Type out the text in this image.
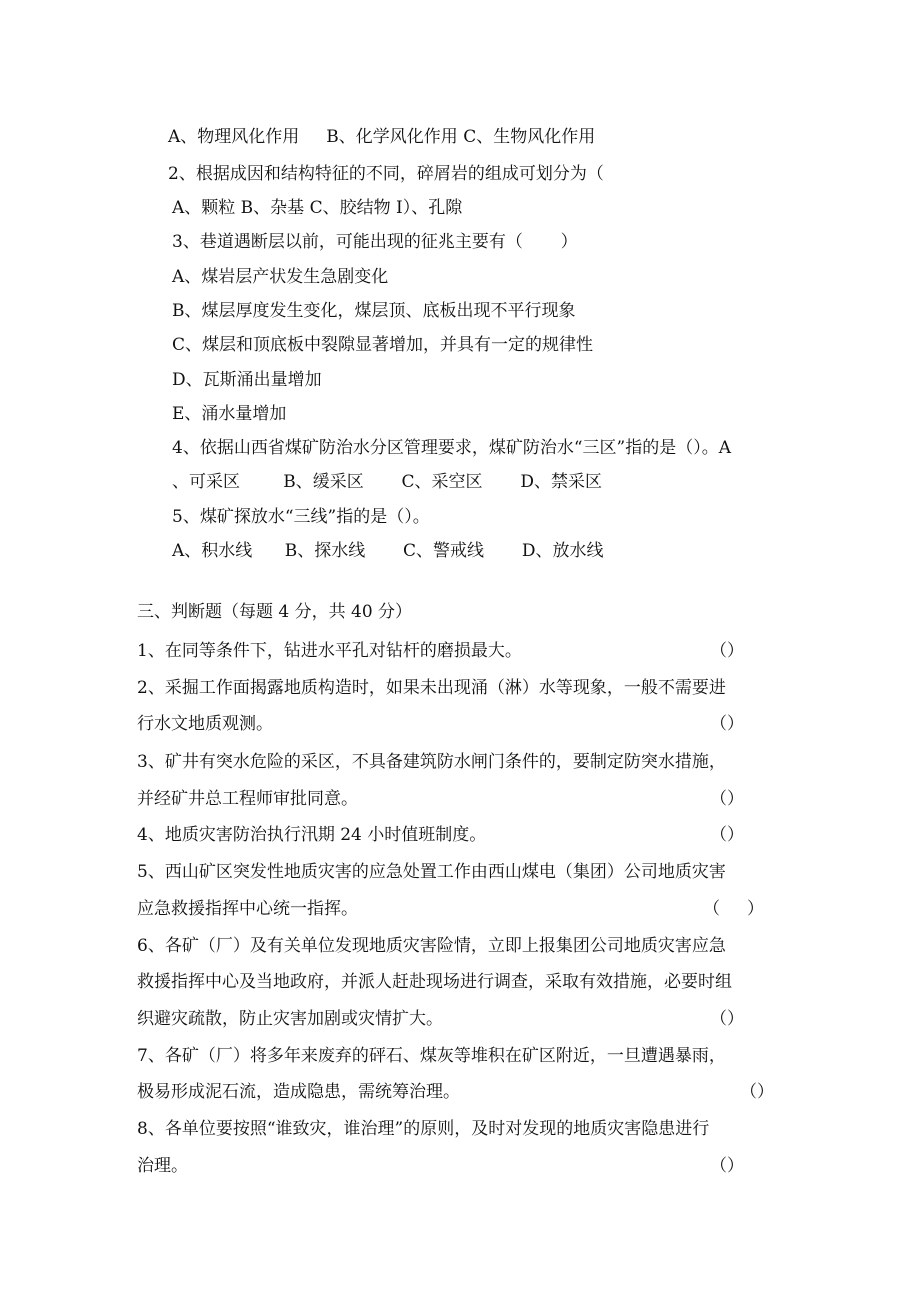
A、物理风化作用     B、化学风化作用 C、生物风化作用
2、根据成因和结构特征的不同，碎屑岩的组成可划分为（
A、颗粒 B、杂基 C、胶结物 I）、孔隙
3、巷道遇断层以前，可能出现的征兆主要有（       ）
A、煤岩层产状发生急剧变化
B、煤层厚度发生变化，煤层顶、底板出现不平行现象
C、煤层和顶底板中裂隙显著增加，并具有一定的规律性
D、瓦斯涌出量增加
E、涌水量增加
4、依据山西省煤矿防治水分区管理要求，煤矿防治水“三区”指的是（）。A
、可采区        B、缓采区       C、采空区       D、禁采区
5、煤矿探放水“三线”指的是（）。
A、积水线      B、探水线       C、警戒线       D、放水线
三、判断题（每题 4 分，共 40 分）
1、在同等条件下，钻进水平孔对钻杆的磨损最大。	（）
2、采掘工作面揭露地质构造时，如果未出现涌（淋）水等现象，一般不需要进
行水文地质观测。	（）
3、矿井有突水危险的采区，不具备建筑防水闸门条件的，要制定防突水措施，
并经矿井总工程师审批同意。	（）
4、地质灾害防治执行汛期 24 小时值班制度。	（）
5、西山矿区突发性地质灾害的应急处置工作由西山煤电（集团）公司地质灾害
应急救援指挥中心统一指挥。	（     ）
6、各矿（厂）及有关单位发现地质灾害险情，立即上报集团公司地质灾害应急
救援指挥中心及当地政府，并派人赶赴现场进行调查，采取有效措施，必要时组
织避灾疏散，防止灾害加剧或灾情扩大。	（）
7、各矿（厂）将多年来废弃的砰石、煤灰等堆积在矿区附近，一旦遭遇暴雨，
极易形成泥石流，造成隐患，需统筹治理。	（）
8、各单位要按照“谁致灾，谁治理”的原则，及时对发现的地质灾害隐患进行
治理。	（）
